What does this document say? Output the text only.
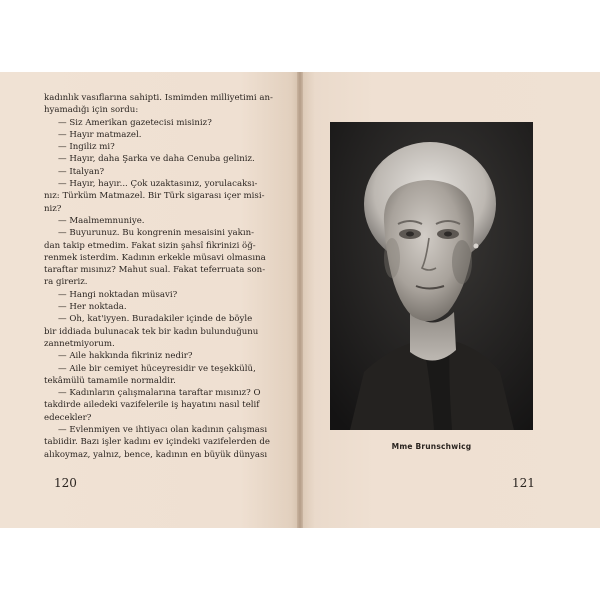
kadınlık vasıflarına sahipti. Ismimden milliyetimi an-
hyamadığı için sordu:
— Siz Amerikan gazetecisi misiniz?
— Hayır matmazel.
— Ingiliz mi?
— Hayır, daha Şarka ve daha Cenuba geliniz.
— Italyan?
— Hayır, hayır... Çok uzaktasınız, yorulacaksı-
nız: Türküm Matmazel. Bir Türk sigarası içer misi-
niz?
— Maalmemnuniye.
— Buyurunuz. Bu kongrenin mesaisini yakın-
dan takip etmedim. Fakat sizin şahsî fikrinizi öğ-
renmek isterdim. Kadının erkekle müsavi olmasına
taraftar mısınız? Mahut sual. Fakat teferruata son-
ra gireriz.
— Hangi noktadan müsavi?
— Her noktada.
— Oh, kat'iyyen. Buradakiler içinde de böyle
bir iddiada bulunacak tek bir kadın bulunduğunu
zannetmiyorum.
— Aile hakkında fikriniz nedir?
— Aile bir cemiyet hüceyresidir ve teşekkülü,
tekâmülü tamamile normaldir.
— Kadınların çalışmalarına taraftar mısınız? O
takdirde ailedeki vazifelerile iş hayatını nasıl telif
edecekler?
— Evlenmiyen ve ihtiyacı olan kadının çalışması
tabiidir. Bazı işler kadını ev içindeki vazifelerden de
alıkoymaz, yalnız, bence, kadının en büyük dünyası
120	121
Mme Brunschwicg
